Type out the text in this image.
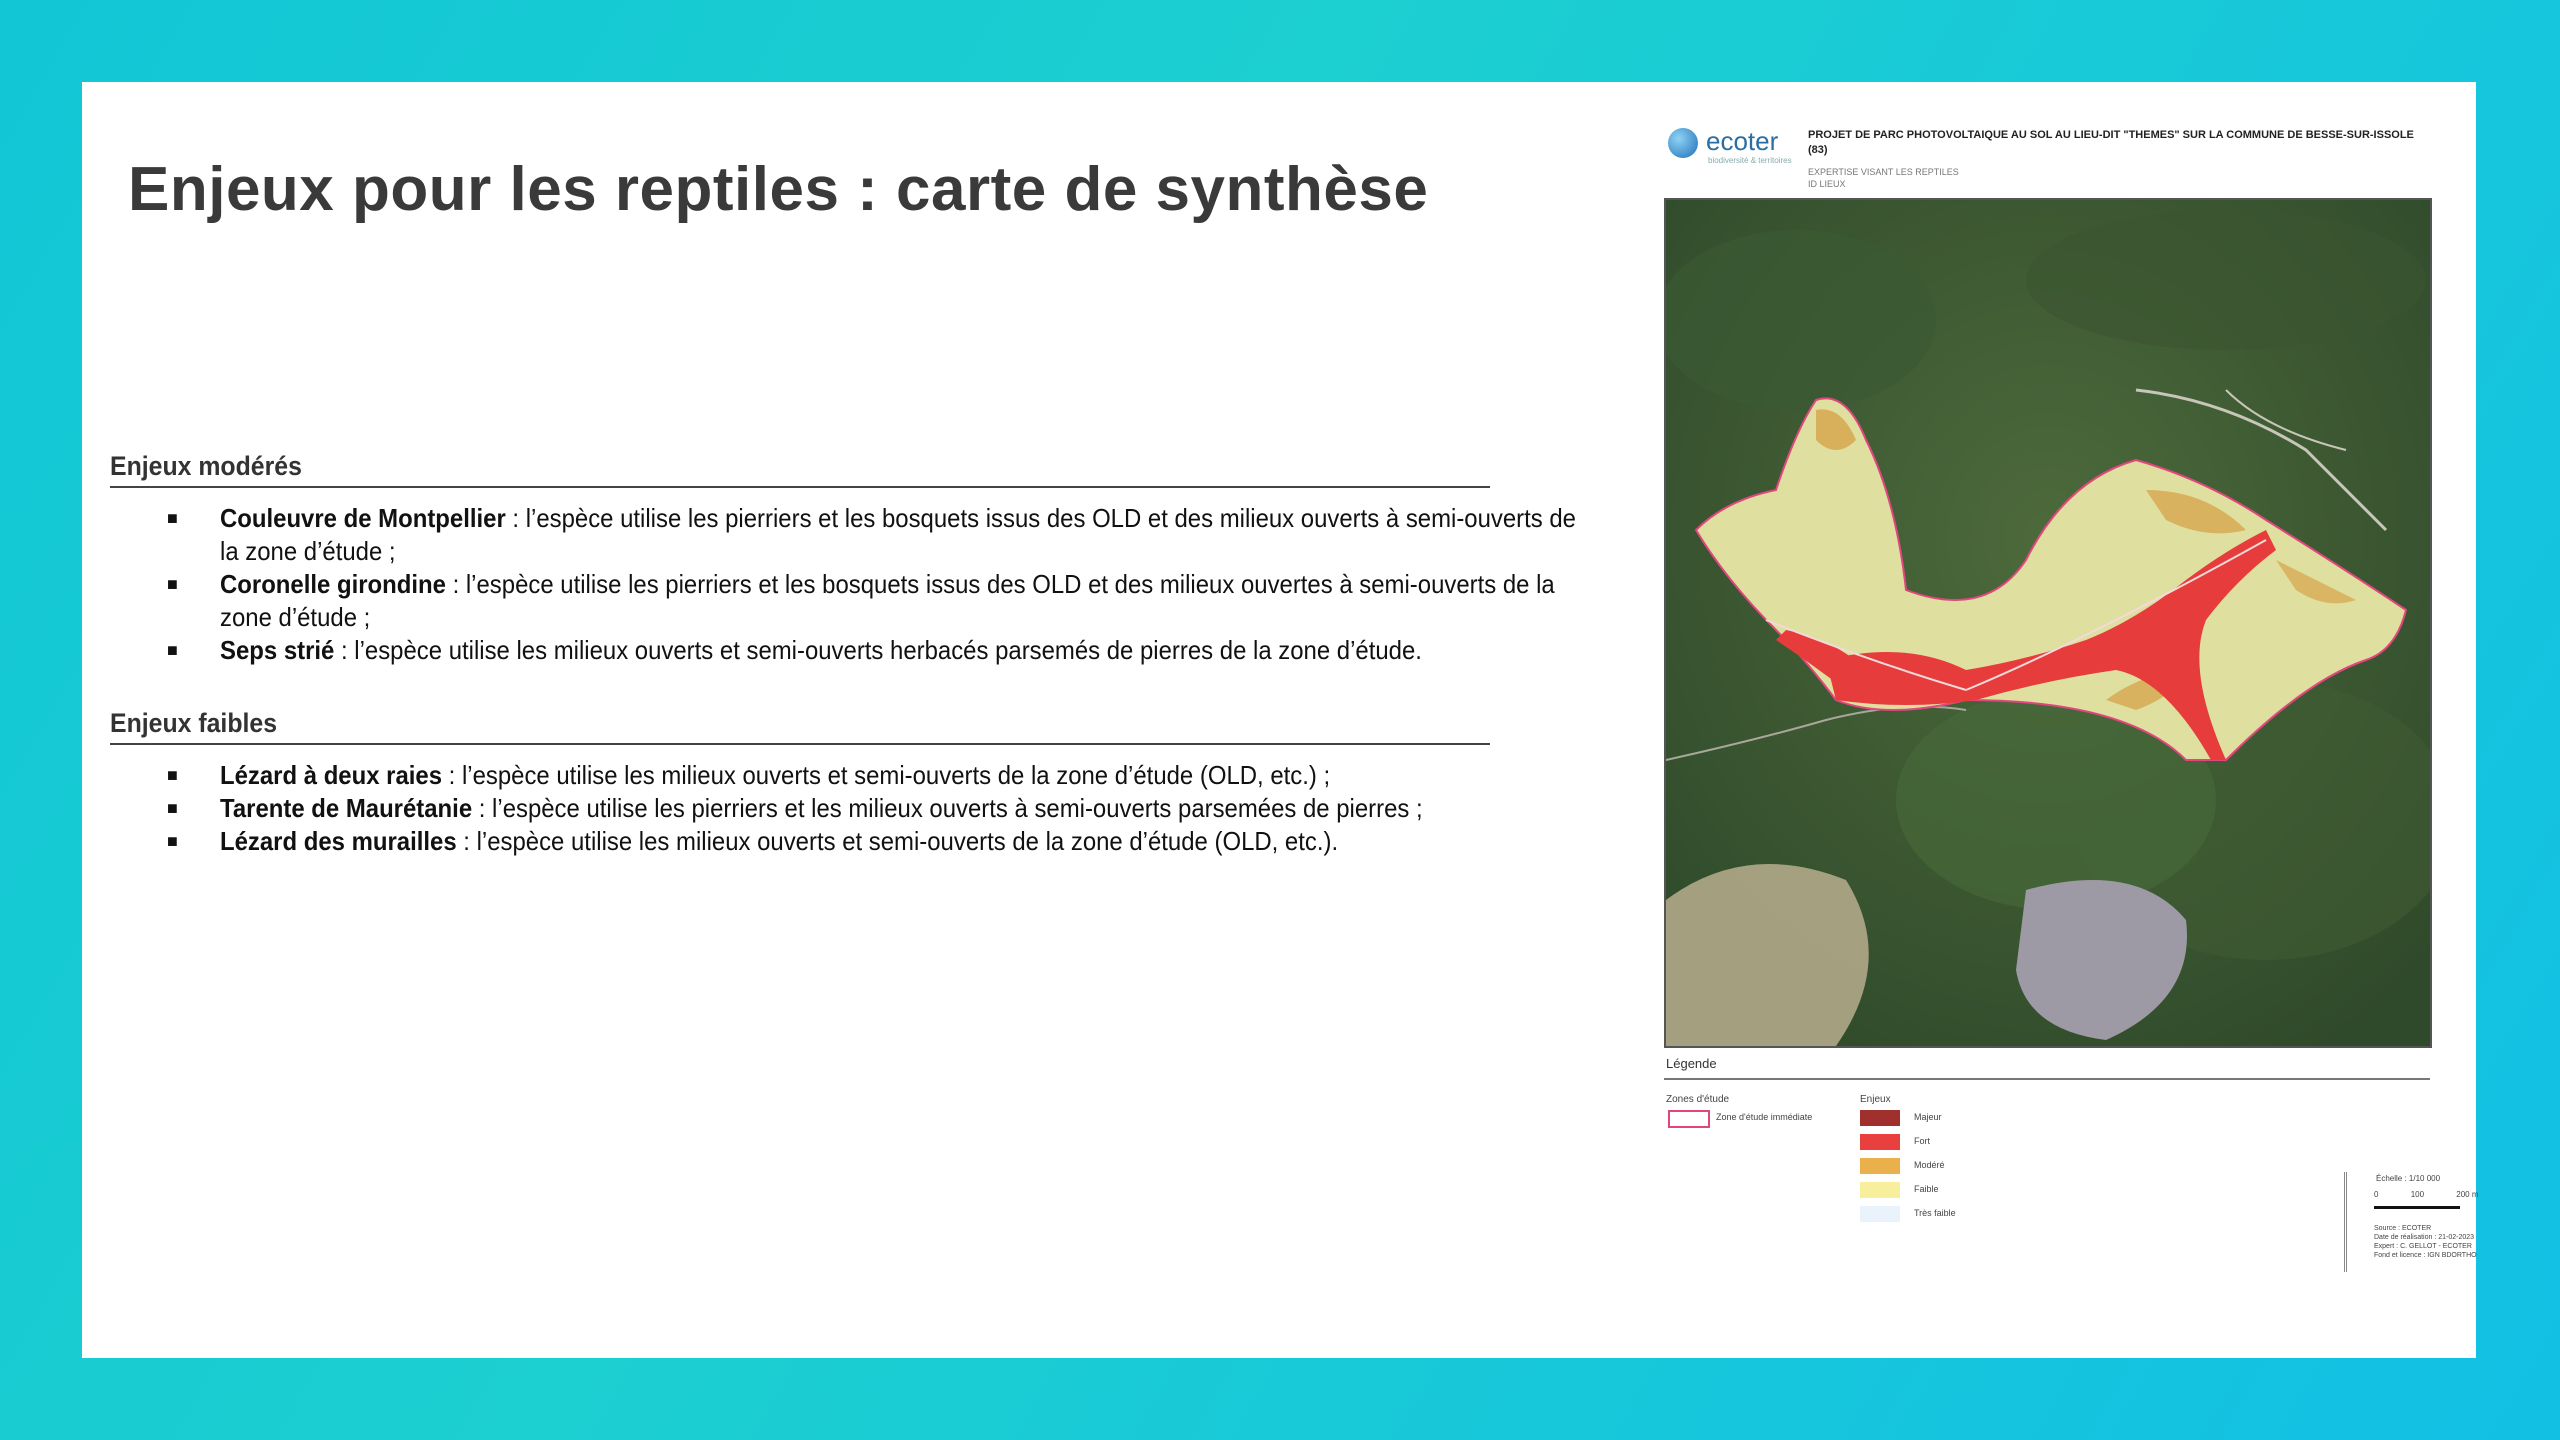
Enjeux pour les reptiles : carte de synthèse
Enjeux modérés
■ Couleuvre de Montpellier : l’espèce utilise les pierriers et les bosquets issus des OLD et des milieux ouverts à semi-ouverts de la zone d’étude ;
■ Coronelle girondine : l’espèce utilise les pierriers et les bosquets issus des OLD et des milieux ouvertes à semi-ouverts de la zone d’étude ;
■ Seps strié : l’espèce utilise les milieux ouverts et semi-ouverts herbacés parsemés de pierres de la zone d’étude.
Enjeux faibles
■ Lézard à deux raies : l’espèce utilise les milieux ouverts et semi-ouverts de la zone d’étude (OLD, etc.) ;
■ Tarente de Maurétanie : l’espèce utilise les pierriers et les milieux ouverts à semi-ouverts parsemées de pierres ;
■ Lézard des murailles : l’espèce utilise les milieux ouverts et semi-ouverts de la zone d’étude (OLD, etc.).
ecoter
biodiversité & territoires
PROJET DE PARC PHOTOVOLTAIQUE AU SOL AU LIEU-DIT "THEMES" SUR LA COMMUNE DE BESSE-SUR-ISSOLE (83)
EXPERTISE VISANT LES REPTILES
ID LIEUX
Légende
Zones d'étude
Zone d'étude immédiate
Enjeux
Majeur
Fort
Modéré
Faible
Très faible
Échelle : 1/10 000
0	100	200 m
Source : ECOTER
Date de réalisation : 21-02-2023
Expert : C. GELLOT - ECOTER
Fond et licence : IGN BDORTHO
